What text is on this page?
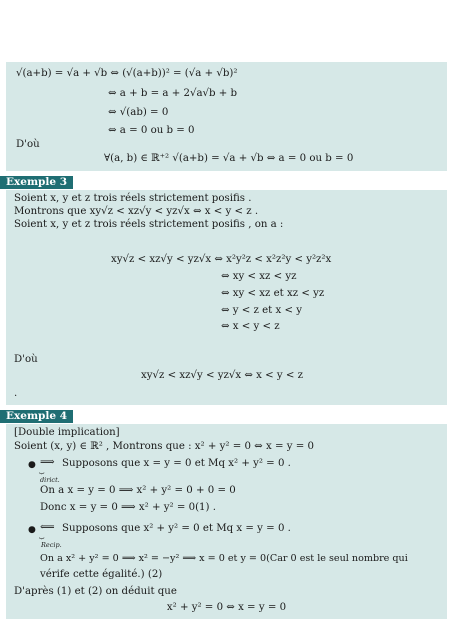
√(a+b) = √a + √b ⇔ (√(a+b))² = (√a + √b)²
⇔ a + b = a + 2√a√b + b
⇔ √(ab) = 0
⇔ a = 0 ou b = 0
D'où
∀(a, b) ∈ ℝ⁺² √(a+b) = √a + √b ⇔ a = 0 ou b = 0
Exemple 3
Soient x, y et z trois réels strictement posifis .
Montrons que xy√z < xz√y < yz√x ⇔ x < y < z .
Soient x, y et z trois réels strictement posifis , on a :
xy√z < xz√y < yz√x ⇔ x²y²z < x²z²y < y²z²x
⇔ xy < xz < yz
⇔ xy < xz et xz < yz
⇔ y < z et x < y
⇔ x < y < z
D'où
xy√z < xz√y < yz√x ⇔ x < y < z
.
Exemple 4
[Double implication]
Soient (x, y) ∈ ℝ² , Montrons que : x² + y² = 0 ⇔ x = y = 0
● ⟹
⏟
dirict.
Supposons que x = y = 0 et Mq x² + y² = 0 .
On a x = y = 0 ⟹ x² + y² = 0 + 0 = 0
Donc x = y = 0 ⟹ x² + y² = 0(1) .
● ⟸
⏟
Recip.
Supposons que x² + y² = 0 et Mq x = y = 0 .
On a x² + y² = 0 ⟹ x² = −y² ⟹ x = 0 et y = 0(Car 0 est le seul nombre qui
vérife cette égalité.) (2)
D'après (1) et (2) on déduit que
x² + y² = 0 ⇔ x = y = 0
